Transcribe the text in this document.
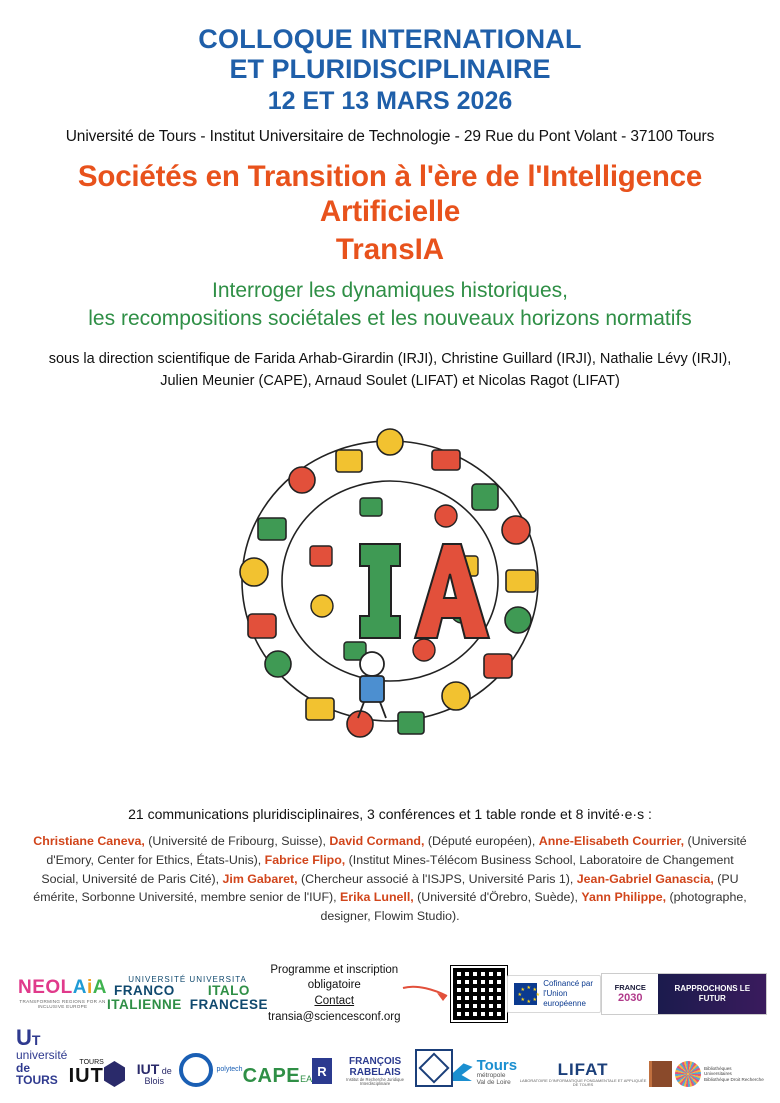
COLLOQUE INTERNATIONAL
ET PLURIDISCIPLINAIRE
12 ET 13 MARS 2026
Université de Tours - Institut Universitaire de Technologie - 29 Rue du Pont Volant - 37100 Tours
Sociétés en Transition à l'ère de l'Intelligence Artificielle
TransIA
Interroger les dynamiques historiques,
les recompositions sociétales et les nouveaux horizons normatifs
sous la direction scientifique de Farida Arhab-Girardin (IRJI), Christine Guillard (IRJI), Nathalie Lévy (IRJI),
Julien Meunier (CAPE), Arnaud Soulet (LIFAT) et Nicolas Ragot (LIFAT)
21 communications pluridisciplinaires, 3 conférences et 1 table ronde et 8 invité·e·s :
Christiane Caneva, (Université de Fribourg, Suisse), David Cormand, (Député européen), Anne-Elisabeth Courrier, (Université d'Emory, Center for Ethics, États-Unis), Fabrice Flipo, (Institut Mines-Télécom Business School, Laboratoire de Changement Social, Université de Paris Cité), Jim Gabaret, (Chercheur associé à l'ISJPS, Université Paris 1), Jean-Gabriel Ganascia, (PU émérite, Sorbonne Université, membre senior de l'IUF), Erika Lunell, (Université d'Örebro, Suède), Yann Philippe, (photographe, designer, Flowim Studio).
NEOLAiA
TRANSFORMING REGIONS FOR AN INCLUSIVE EUROPE
UNIVERSITÉ UNIVERSITA
FRANCO
ITALIENNE
ITALO
FRANCESE
Programme et inscription
obligatoire
Contact
transia@sciencesconf.org
★ ★
★
★
★
★
★
★
Cofinancé par
l'Union européenne
FRANCE
2030
RAPPROCHONS LE FUTUR
UT
université
de TOURS
TOURS
IUT	IUT de Blois
polytech CAPEEA
R
FRANÇOIS
RABELAIS
Institut de Recherche Juridique Interdisciplinaire
Tours
métropole
Val de Loire
LIFAT
LABORATOIRE D'INFORMATIQUE FONDAMENTALE ET APPLIQUÉE DE TOURS
Bibliothèques
Universitaires
Bibliothèque Droit Recherche
